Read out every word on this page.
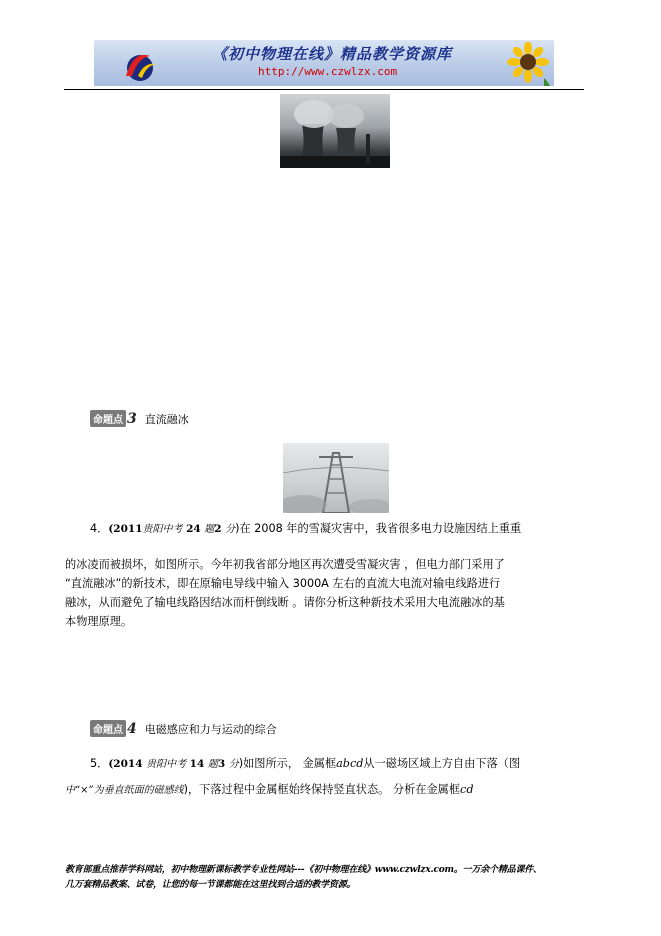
《初中物理在线》精品教学资源库
http://www.czwlzx.com
命题点 3 直流融冰
4．(2011贵阳中考 24 题2 分)在 2008 年的雪凝灾害中，我省很多电力设施因结上重重
的冰凌而被损坏，如图所示。今年初我省部分地区再次遭受雪凝灾害 ，但电力部门采用了
“直流融冰”的新技术，即在原输电导线中输入 3000A 左右的直流大电流对输电线路进行
融冰，从而避免了输电线路因结冰而杆倒线断 。请你分析这种新技术采用大电流融冰的基
本物理原理。
命题点 4 电磁感应和力与运动的综合
5．(2014 贵阳中考 14 题3 分)如图所示， 金属框abcd从一磁场区域上方自由下落（图
中“×”为垂直纸面的磁感线)，下落过程中金属框始终保持竖直状态。 分析在金属框cd
教育部重点推荐学科网站，初中物理新课标教学专业性网站---《初中物理在线》www.czwlzx.com。一万余个精品课件、
几万套精品教案、试卷，让您的每一节课都能在这里找到合适的教学资源。
